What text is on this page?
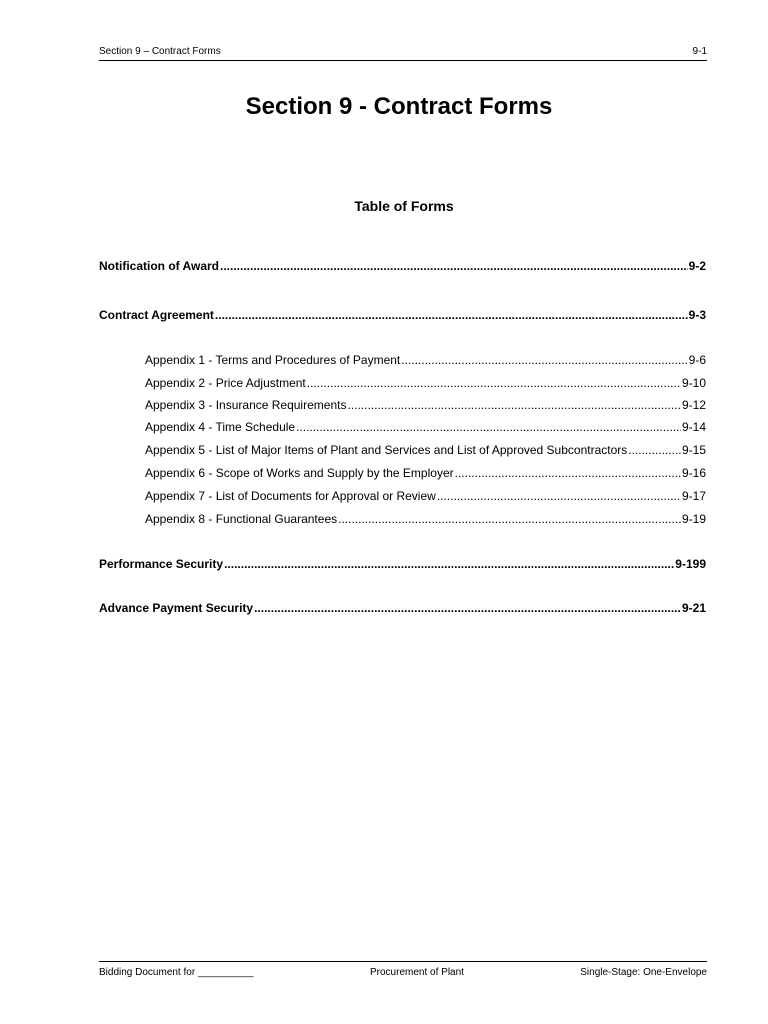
Section 9 – Contract Forms	9-1
Section 9 - Contract Forms
Table of Forms
Notification of Award .....	9-2
Contract Agreement .....	9-3
Appendix 1 - Terms and Procedures of Payment .....	9-6
Appendix 2 - Price Adjustment .....	9-10
Appendix 3 - Insurance Requirements .....	9-12
Appendix 4 - Time Schedule .....	9-14
Appendix 5 - List of Major Items of Plant and Services and List of Approved Subcontractors .....	9-15
Appendix 6 - Scope of Works and Supply by the Employer .....	9-16
Appendix 7 - List of Documents for Approval or Review .....	9-17
Appendix 8 - Functional Guarantees .....	9-19
Performance Security .....	9-199
Advance Payment Security .....	9-21
Bidding Document for __________	Procurement of Plant	Single-Stage: One-Envelope
